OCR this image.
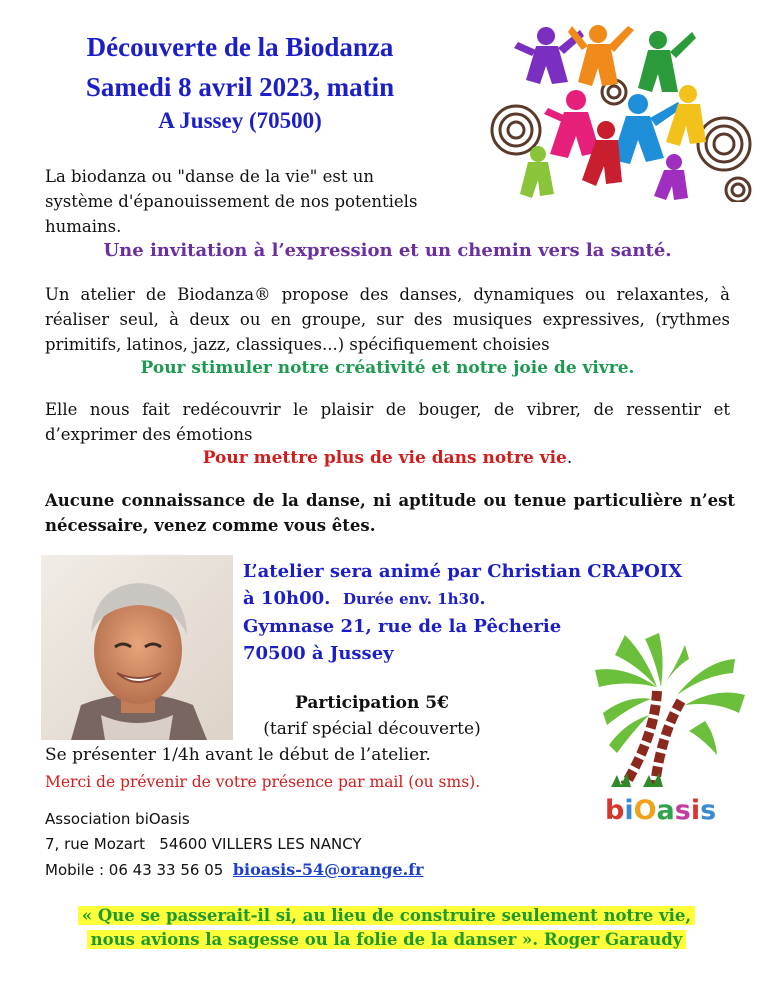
Découverte de la Biodanza
Samedi 8 avril 2023, matin
A Jussey (70500)
La biodanza ou "danse de la vie" est un
système d'épanouissement de nos potentiels
humains.
Une invitation à l’expression et un chemin vers la santé.
Un atelier de Biodanza® propose des danses, dynamiques ou relaxantes, à
réaliser seul, à deux ou en groupe, sur des musiques expressives, (rythmes
primitifs, latinos, jazz, classiques...) spécifiquement choisies
Pour stimuler notre créativité et notre joie de vivre.
Elle nous fait redécouvrir le plaisir de bouger, de vibrer, de ressentir et
d’exprimer des émotions
Pour mettre plus de vie dans notre vie.
Aucune connaissance de la danse, ni aptitude ou tenue particulière n’est
nécessaire, venez comme vous êtes.
L’atelier sera animé par Christian CRAPOIX
à 10h00. Durée env. 1h30.
Gymnase 21, rue de la Pêcherie
70500 à Jussey
Participation 5€
(tarif spécial découverte)
Se présenter 1/4h avant le début de l’atelier.
Merci de prévenir de votre présence par mail (ou sms).
Association biOasis
7, rue Mozart   54600 VILLERS LES NANCY
Mobile : 06 43 33 56 05 bioasis-54@orange.fr
biOasis
« Que se passerait-il si, au lieu de construire seulement notre vie,
nous avions la sagesse ou la folie de la danser ». Roger Garaudy
